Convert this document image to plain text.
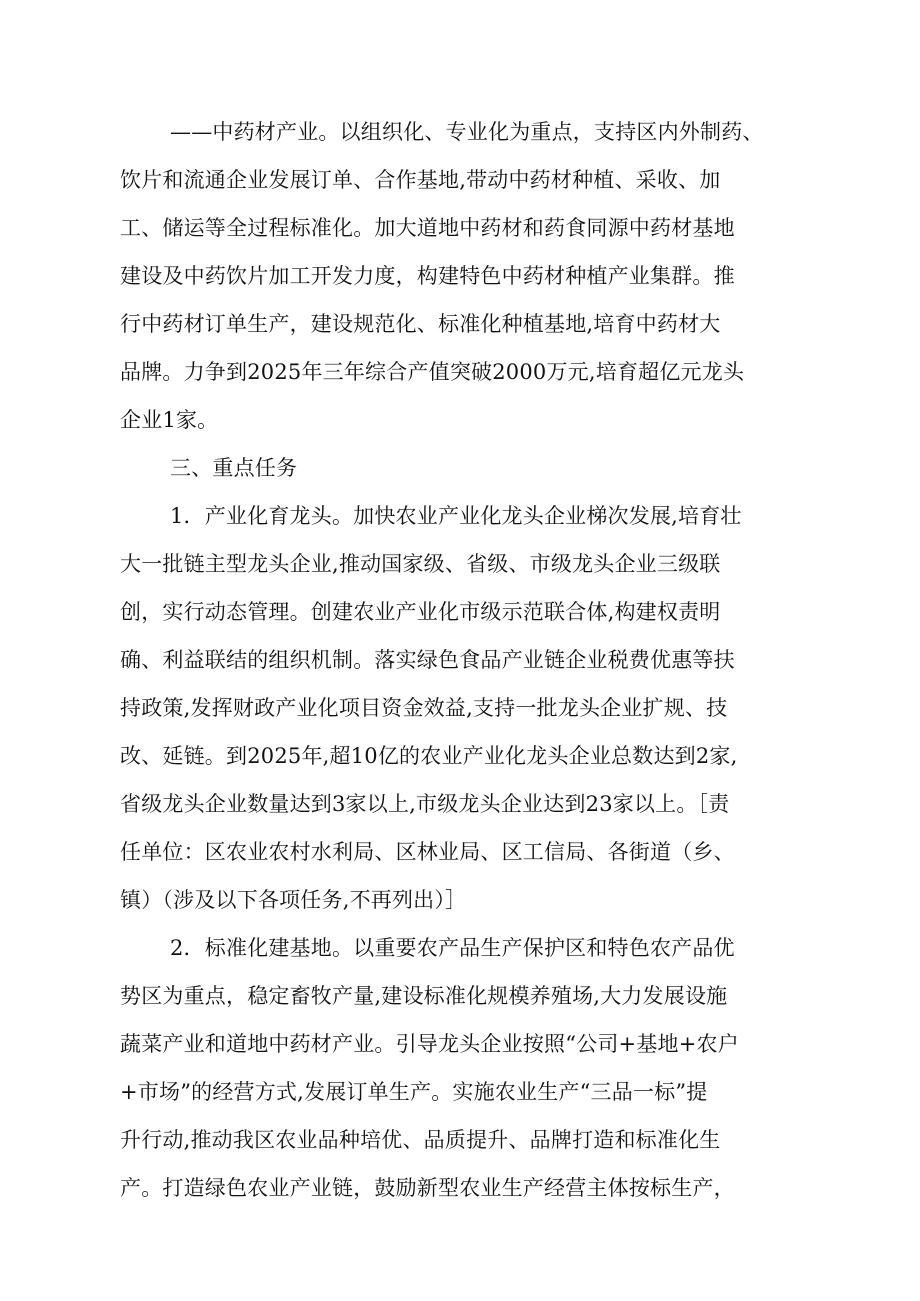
——中药材产业。以组织化、专业化为重点，支持区内外制药、
饮片和流通企业发展订单、合作基地,带动中药材种植、采收、加
工、储运等全过程标准化。加大道地中药材和药食同源中药材基地
建设及中药饮片加工开发力度，构建特色中药材种植产业集群。推
行中药材订单生产，建设规范化、标准化种植基地,培育中药材大
品牌。力争到2025年三年综合产值突破2000万元,培育超亿元龙头
企业1家。
三、重点任务
1．产业化育龙头。加快农业产业化龙头企业梯次发展,培育壮
大一批链主型龙头企业,推动国家级、省级、市级龙头企业三级联
创，实行动态管理。创建农业产业化市级示范联合体,构建权责明
确、利益联结的组织机制。落实绿色食品产业链企业税费优惠等扶
持政策,发挥财政产业化项目资金效益,支持一批龙头企业扩规、技
改、延链。到2025年,超10亿的农业产业化龙头企业总数达到2家,
省级龙头企业数量达到3家以上,市级龙头企业达到23家以上。［责
任单位：区农业农村水利局、区林业局、区工信局、各街道（乡、
镇）（涉及以下各项任务,不再列出）］
2．标准化建基地。以重要农产品生产保护区和特色农产品优
势区为重点，稳定畜牧产量,建设标准化规模养殖场,大力发展设施
蔬菜产业和道地中药材产业。引导龙头企业按照“公司+基地+农户
+市场”的经营方式,发展订单生产。实施农业生产“三品一标”提
升行动,推动我区农业品种培优、品质提升、品牌打造和标准化生
产。打造绿色农业产业链，鼓励新型农业生产经营主体按标生产，
